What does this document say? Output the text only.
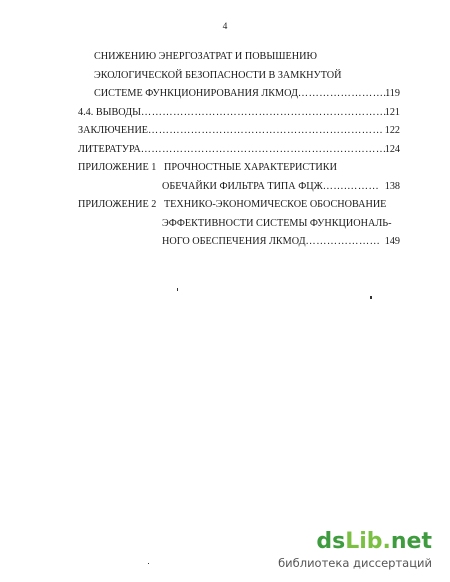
4
СНИЖЕНИЮ ЭНЕРГОЗАТРАТ И ПОВЫШЕНИЮ
ЭКОЛОГИЧЕСКОЙ БЕЗОПАСНОСТИ В ЗАМКНУТОЙ
СИСТЕМЕ ФУНКЦИОНИРОВАНИЯ ЛКМОД……………………..
119
4.4. ВЫВОДЫ……………………………………………………………
121
ЗАКЛЮЧЕНИЕ………………………………………………………… 122
ЛИТЕРАТУРА……………………………………………………………
124
ПРИЛОЖЕНИЕ 1   ПРОЧНОСТНЫЕ ХАРАКТЕРИСТИКИ
ОБЕЧАЙКИ ФИЛЬТРА ТИПА ФЦЖ…….……… 138
ПРИЛОЖЕНИЕ 2   ТЕХНИКО-ЭКОНОМИЧЕСКОЕ ОБОСНОВАНИЕ
ЭФФЕКТИВНОСТИ СИСТЕМЫ ФУНКЦИОНАЛЬ-
НОГО ОБЕСПЕЧЕНИЯ ЛКМОД………………… 149
dsLib.net
библиотека диссертаций
